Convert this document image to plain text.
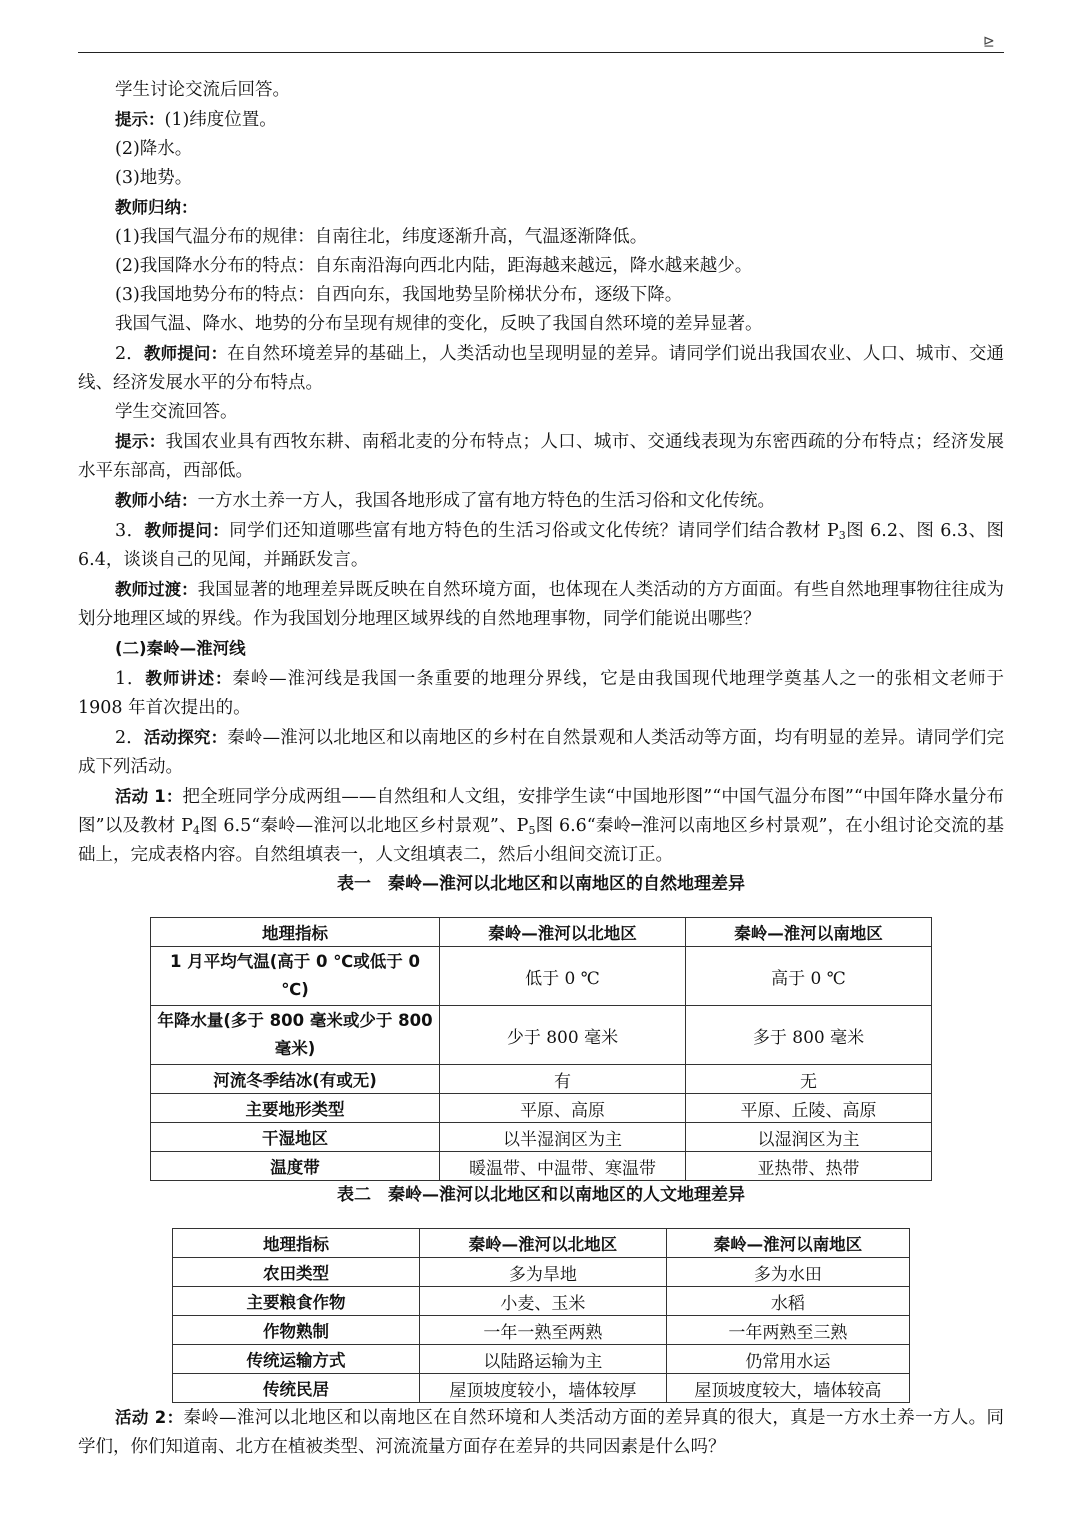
⊵

学生讨论交流后回答。

提示：(1)纬度位置。

(2)降水。

(3)地势。

教师归纳：

(1)我国气温分布的规律：自南往北，纬度逐渐升高，气温逐渐降低。

(2)我国降水分布的特点：自东南沿海向西北内陆，距海越来越远，降水越来越少。

(3)我国地势分布的特点：自西向东，我国地势呈阶梯状分布，逐级下降。

我国气温、降水、地势的分布呈现有规律的变化，反映了我国自然环境的差异显著。

2．教师提问：在自然环境差异的基础上，人类活动也呈现明显的差异。请同学们说出我国农业、人口、城市、交通线、经济发展水平的分布特点。

学生交流回答。

提示：我国农业具有西牧东耕、南稻北麦的分布特点；人口、城市、交通线表现为东密西疏的分布特点；经济发展水平东部高，西部低。

教师小结：一方水土养一方人，我国各地形成了富有地方特色的生活习俗和文化传统。

3．教师提问：同学们还知道哪些富有地方特色的生活习俗或文化传统？请同学们结合教材 $P_3$图 6.2、图 6.3、图 6.4，谈谈自己的见闻，并踊跃发言。

教师过渡：我国显著的地理差异既反映在自然环境方面，也体现在人类活动的方方面面。有些自然地理事物往往成为划分地理区域的界线。作为我国划分地理区域界线的自然地理事物，同学们能说出哪些？

(二)秦岭—淮河线

1．教师讲述：秦岭—淮河线是我国一条重要的地理分界线，它是由我国现代地理学奠基人之一的张相文老师于 1908 年首次提出的。

2．活动探究：秦岭—淮河以北地区和以南地区的乡村在自然景观和人类活动等方面，均有明显的差异。请同学们完成下列活动。

活动 1：把全班同学分成两组——自然组和人文组，安排学生读“中国地形图”“中国气温分布图”“中国年降水量分布图”以及教材 $P_4$图 6.5“秦岭—淮河以北地区乡村景观”、$P_5$图 6.6“秦岭─淮河以南地区乡村景观”，在小组讨论交流的基础上，完成表格内容。自然组填表一，人文组填表二，然后小组间交流订正。

表一　秦岭—淮河以北地区和以南地区的自然地理差异

地理指标	秦岭—淮河以北地区	秦岭—淮河以南地区
1 月平均气温(高于 0 ℃或低于 0 ℃)	低于 0 ℃	高于 0 ℃
年降水量(多于 800 毫米或少于 800 毫米)	少于 800 毫米	多于 800 毫米
河流冬季结冰(有或无)	有	无
主要地形类型	平原、高原	平原、丘陵、高原
干湿地区	以半湿润区为主	以湿润区为主
温度带	暖温带、中温带、寒温带	亚热带、热带

表二　秦岭—淮河以北地区和以南地区的人文地理差异

地理指标	秦岭—淮河以北地区	秦岭—淮河以南地区
农田类型	多为旱地	多为水田
主要粮食作物	小麦、玉米	水稻
作物熟制	一年一熟至两熟	一年两熟至三熟
传统运输方式	以陆路运输为主	仍常用水运
传统民居	屋顶坡度较小，墙体较厚	屋顶坡度较大，墙体较高

活动 2：秦岭—淮河以北地区和以南地区在自然环境和人类活动方面的差异真的很大，真是一方水土养一方人。同学们，你们知道南、北方在植被类型、河流流量方面存在差异的共同因素是什么吗？
